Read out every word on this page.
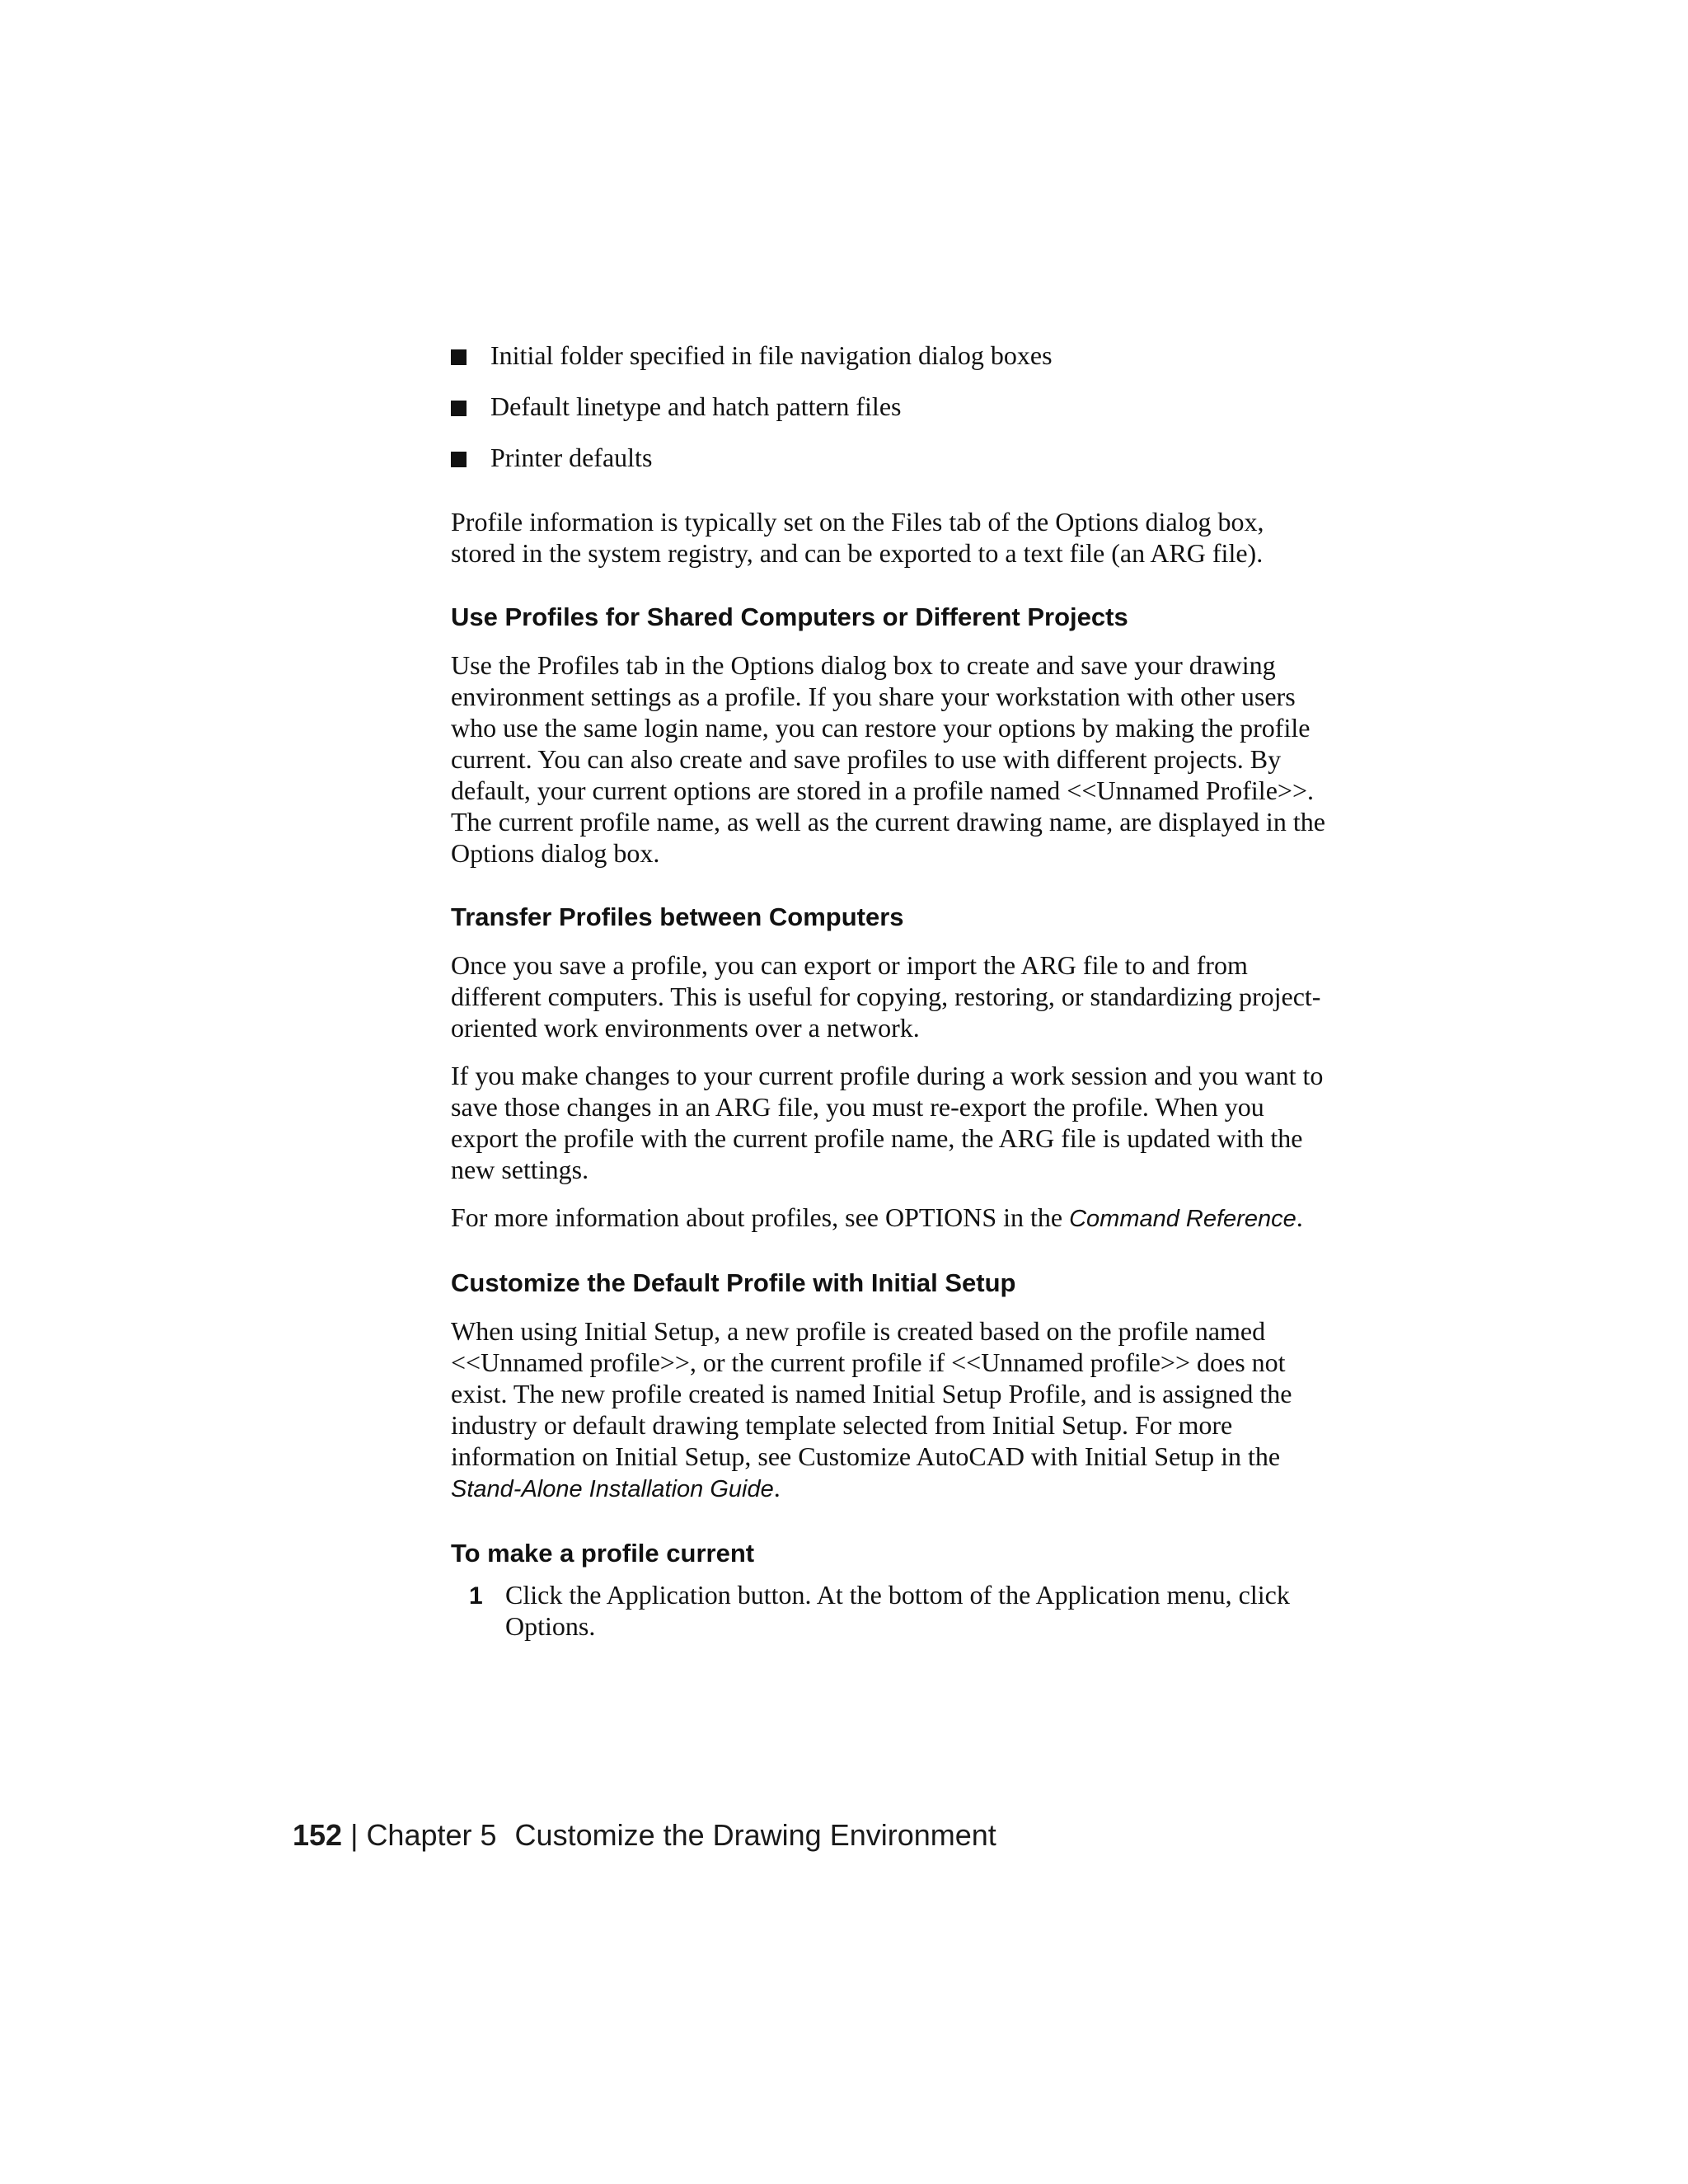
Initial folder specified in file navigation dialog boxes
Default linetype and hatch pattern files
Printer defaults

Profile information is typically set on the Files tab of the Options dialog box, stored in the system registry, and can be exported to a text file (an ARG file).

Use Profiles for Shared Computers or Different Projects

Use the Profiles tab in the Options dialog box to create and save your drawing environment settings as a profile. If you share your workstation with other users who use the same login name, you can restore your options by making the profile current. You can also create and save profiles to use with different projects. By default, your current options are stored in a profile named <<Unnamed Profile>>. The current profile name, as well as the current drawing name, are displayed in the Options dialog box.

Transfer Profiles between Computers

Once you save a profile, you can export or import the ARG file to and from different computers. This is useful for copying, restoring, or standardizing project-oriented work environments over a network.

If you make changes to your current profile during a work session and you want to save those changes in an ARG file, you must re-export the profile. When you export the profile with the current profile name, the ARG file is updated with the new settings.

For more information about profiles, see OPTIONS in the Command Reference.

Customize the Default Profile with Initial Setup

When using Initial Setup, a new profile is created based on the profile named <<Unnamed profile>>, or the current profile if <<Unnamed profile>> does not exist. The new profile created is named Initial Setup Profile, and is assigned the industry or default drawing template selected from Initial Setup. For more information on Initial Setup, see Customize AutoCAD with Initial Setup in the Stand-Alone Installation Guide.

To make a profile current
1 Click the Application button. At the bottom of the Application menu, click Options.
152 | Chapter 5 Customize the Drawing Environment
